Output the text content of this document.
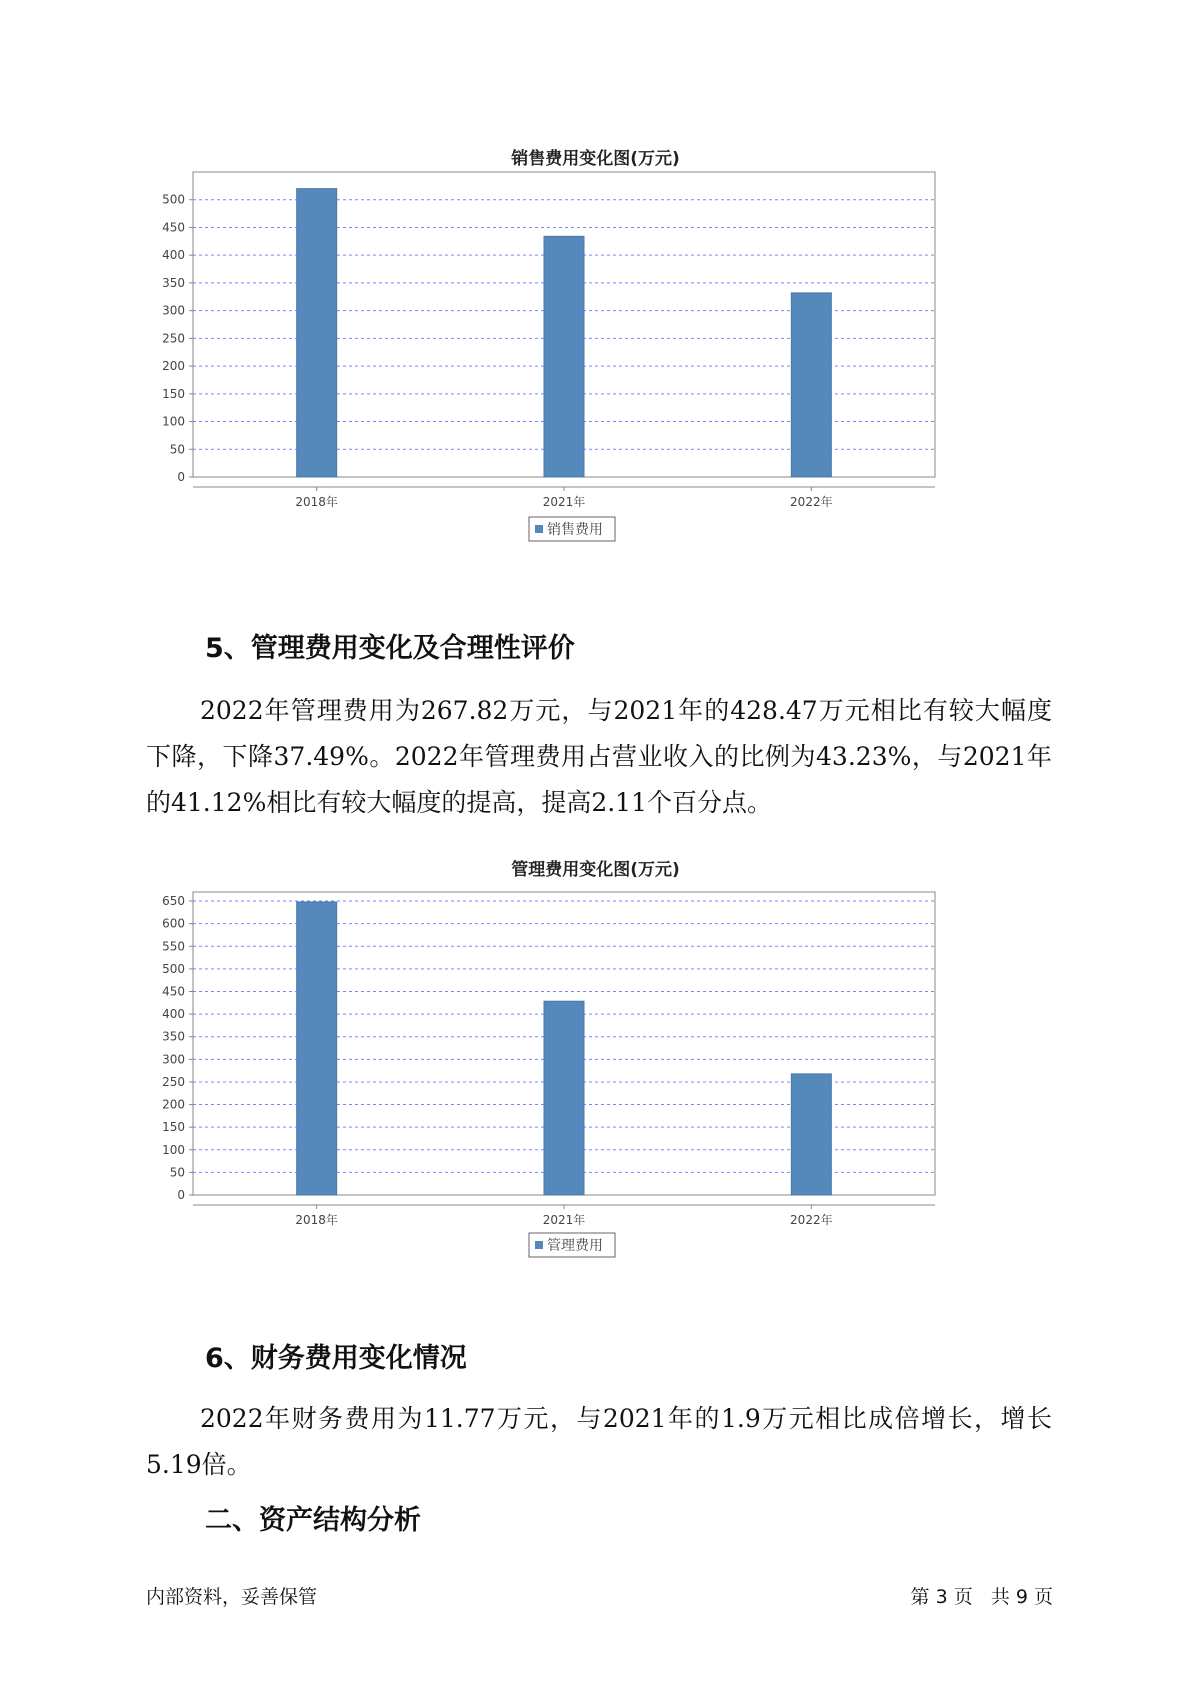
销售费用变化图(万元)
0
50
100
150
200
250
300
350
400
450
500
2018年	2021年	2022年
销售费用
5、管理费用变化及合理性评价
2022年管理费用为267.82万元，与2021年的428.47万元相比有较大幅度下降，下降37.49%。2022年管理费用占营业收入的比例为43.23%，与2021年的41.12%相比有较大幅度的提高，提高2.11个百分点。
管理费用变化图(万元)
0
50
100
150
200
250
300
350
400
450
500
550
600
650
2018年	2021年	2022年
管理费用
6、财务费用变化情况
2022年财务费用为11.77万元，与2021年的1.9万元相比成倍增长，增长5.19倍。
二、资产结构分析
内部资料，妥善保管	第 3 页   共 9 页
